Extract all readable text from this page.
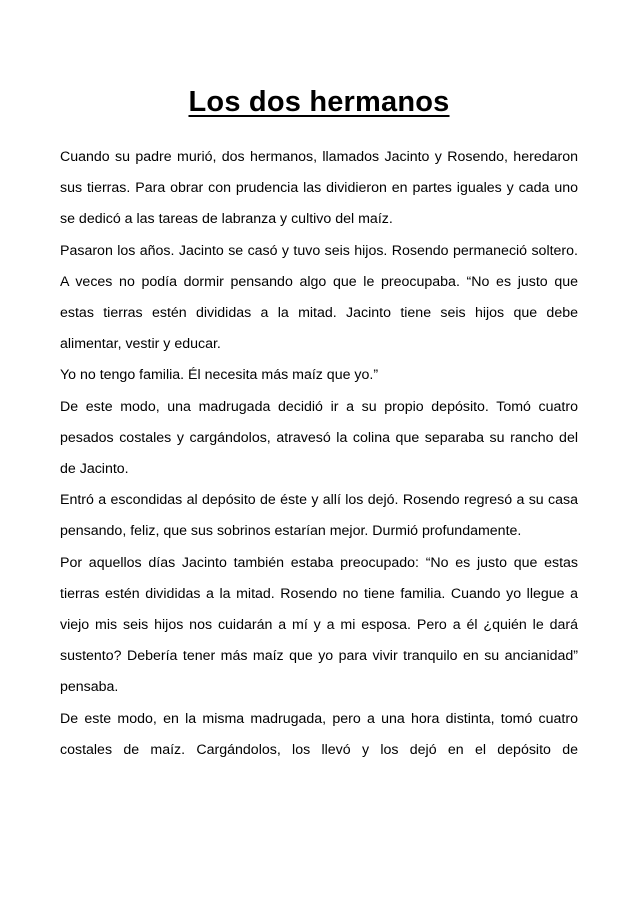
Los dos hermanos

Cuando su padre murió, dos hermanos, llamados Jacinto y Rosendo, heredaron sus tierras. Para obrar con prudencia las dividieron en partes iguales y cada uno se dedicó a las tareas de labranza y cultivo del maíz.

Pasaron los años. Jacinto se casó y tuvo seis hijos. Rosendo permaneció soltero. A veces no podía dormir pensando algo que le preocupaba. “No es justo que estas tierras estén divididas a la mitad. Jacinto tiene seis hijos que debe alimentar, vestir y educar.

Yo no tengo familia. Él necesita más maíz que yo.”

De este modo, una madrugada decidió ir a su propio depósito. Tomó cuatro pesados costales y cargándolos, atravesó la colina que separaba su rancho del de Jacinto.

Entró a escondidas al depósito de éste y allí los dejó. Rosendo regresó a su casa pensando, feliz, que sus sobrinos estarían mejor. Durmió profundamente.

Por aquellos días Jacinto también estaba preocupado: “No es justo que estas tierras estén divididas a la mitad. Rosendo no tiene familia. Cuando yo llegue a viejo mis seis hijos nos cuidarán a mí y a mi esposa. Pero a él ¿quién le dará sustento? Debería tener más maíz que yo para vivir tranquilo en su ancianidad” pensaba.

De este modo, en la misma madrugada, pero a una hora distinta, tomó cuatro costales de maíz. Cargándolos, los llevó y los dejó en el depósito de
